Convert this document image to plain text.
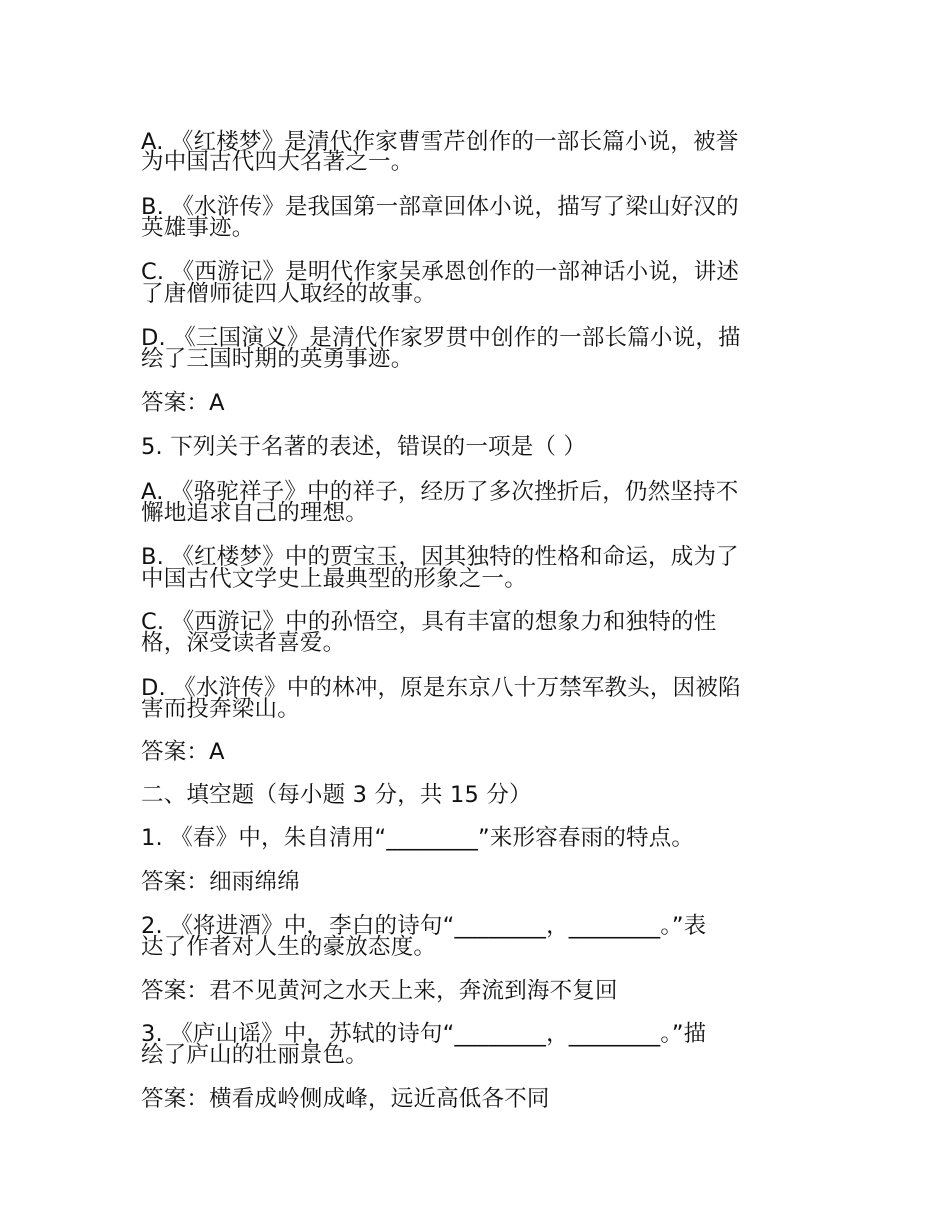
A. 《红楼梦》是清代作家曹雪芹创作的一部长篇小说，被誉
为中国古代四大名著之一。
B. 《水浒传》是我国第一部章回体小说，描写了梁山好汉的
英雄事迹。
C. 《西游记》是明代作家吴承恩创作的一部神话小说，讲述
了唐僧师徒四人取经的故事。
D. 《三国演义》是清代作家罗贯中创作的一部长篇小说，描
绘了三国时期的英勇事迹。
答案：A
5. 下列关于名著的表述，错误的一项是（ ）
A. 《骆驼祥子》中的祥子，经历了多次挫折后，仍然坚持不
懈地追求自己的理想。
B. 《红楼梦》中的贾宝玉，因其独特的性格和命运，成为了
中国古代文学史上最典型的形象之一。
C. 《西游记》中的孙悟空，具有丰富的想象力和独特的性
格，深受读者喜爱。
D. 《水浒传》中的林冲，原是东京八十万禁军教头，因被陷
害而投奔梁山。
答案：A
二、填空题（每小题 3 分，共 15 分）
1. 《春》中，朱自清用“________”来形容春雨的特点。
答案：细雨绵绵
2. 《将进酒》中，李白的诗句“________，________。”表
达了作者对人生的豪放态度。
答案：君不见黄河之水天上来，奔流到海不复回
3. 《庐山谣》中，苏轼的诗句“________，________。”描
绘了庐山的壮丽景色。
答案：横看成岭侧成峰，远近高低各不同
